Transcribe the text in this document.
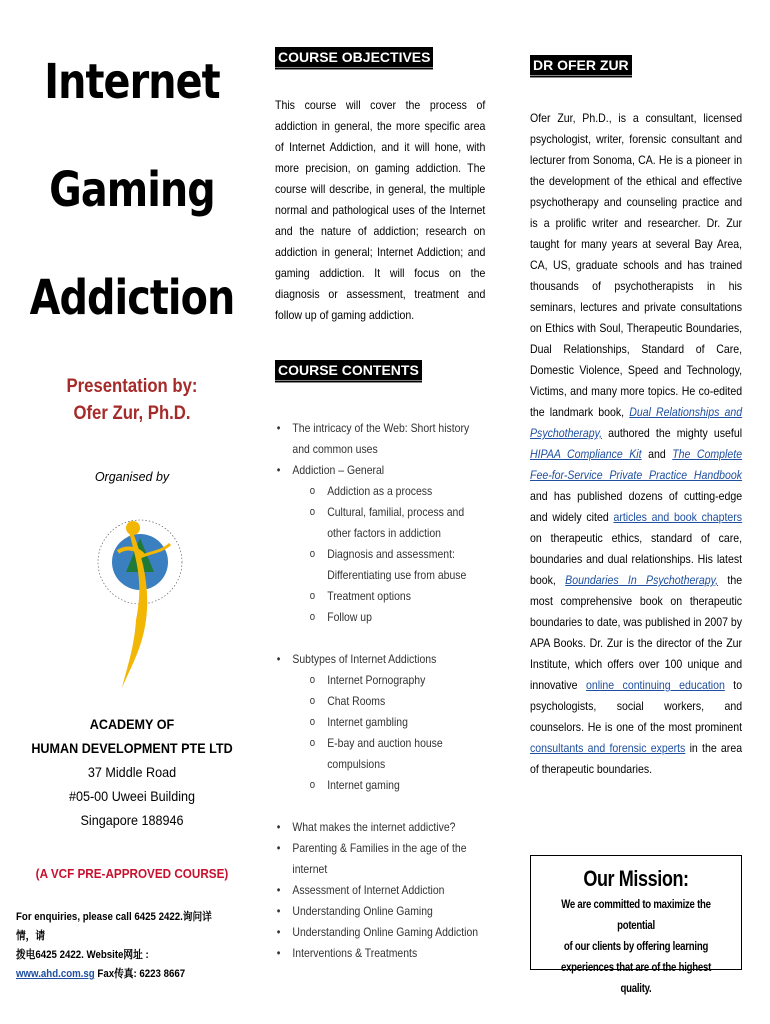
Internet
Gaming
Addiction
Presentation by:
Ofer Zur, Ph.D.
Organised by
ACADEMY OF
HUMAN DEVELOPMENT PTE LTD
37 Middle Road
#05-00 Uweei Building
Singapore 188946
(A VCF PRE-APPROVED COURSE)
For enquiries, please call 6425 2422.询问详情，请
拨电6425 2422. Website网址 :
www.ahd.com.sg Fax传真: 6223 8667
COURSE OBJECTIVES
This course will cover the process of addiction in general, the more specific area of Internet Addiction, and it will hone, with more precision, on gaming addiction. The course will describe, in general, the multiple normal and pathological uses of the Internet and the nature of addiction; research on addiction in general; Internet Addiction; and gaming addiction. It will focus on the diagnosis or assessment, treatment and follow up of gaming addiction.
COURSE CONTENTS
• The intricacy of the Web: Short history and common uses
• Addiction – General
o Addiction as a process
o Cultural, familial, process and other factors in addiction
o Diagnosis and assessment: Differentiating use from abuse
o Treatment options
o Follow up
• Subtypes of Internet Addictions
o Internet Pornography
o Chat Rooms
o Internet gambling
o E-bay and auction house compulsions
o Internet gaming
• What makes the internet addictive?
• Parenting & Families in the age of the internet
• Assessment of Internet Addiction
• Understanding Online Gaming
• Understanding Online Gaming Addiction
• Interventions & Treatments
DR OFER ZUR
Ofer Zur, Ph.D., is a consultant, licensed psychologist, writer, forensic consultant and lecturer from Sonoma, CA. He is a pioneer in the development of the ethical and effective psychotherapy and counseling practice and is a prolific writer and researcher. Dr. Zur taught for many years at several Bay Area, CA, US, graduate schools and has trained thousands of psychotherapists in his seminars, lectures and private consultations on Ethics with Soul, Therapeutic Boundaries, Dual Relationships, Standard of Care, Domestic Violence, Speed and Technology, Victims, and many more topics. He co-edited the landmark book, Dual Relationships and Psychotherapy, authored the mighty useful HIPAA Compliance Kit and The Complete Fee-for-Service Private Practice Handbook and has published dozens of cutting-edge and widely cited articles and book chapters on therapeutic ethics, standard of care, boundaries and dual relationships. His latest book, Boundaries In Psychotherapy, the most comprehensive book on therapeutic boundaries to date, was published in 2007 by APA Books. Dr. Zur is the director of the Zur Institute, which offers over 100 unique and innovative online continuing education to psychologists, social workers, and counselors. He is one of the most prominent consultants and forensic experts in the area of therapeutic boundaries.
Our Mission:
We are committed to maximize the potential
of our clients by offering learning
experiences that are of the highest quality.
